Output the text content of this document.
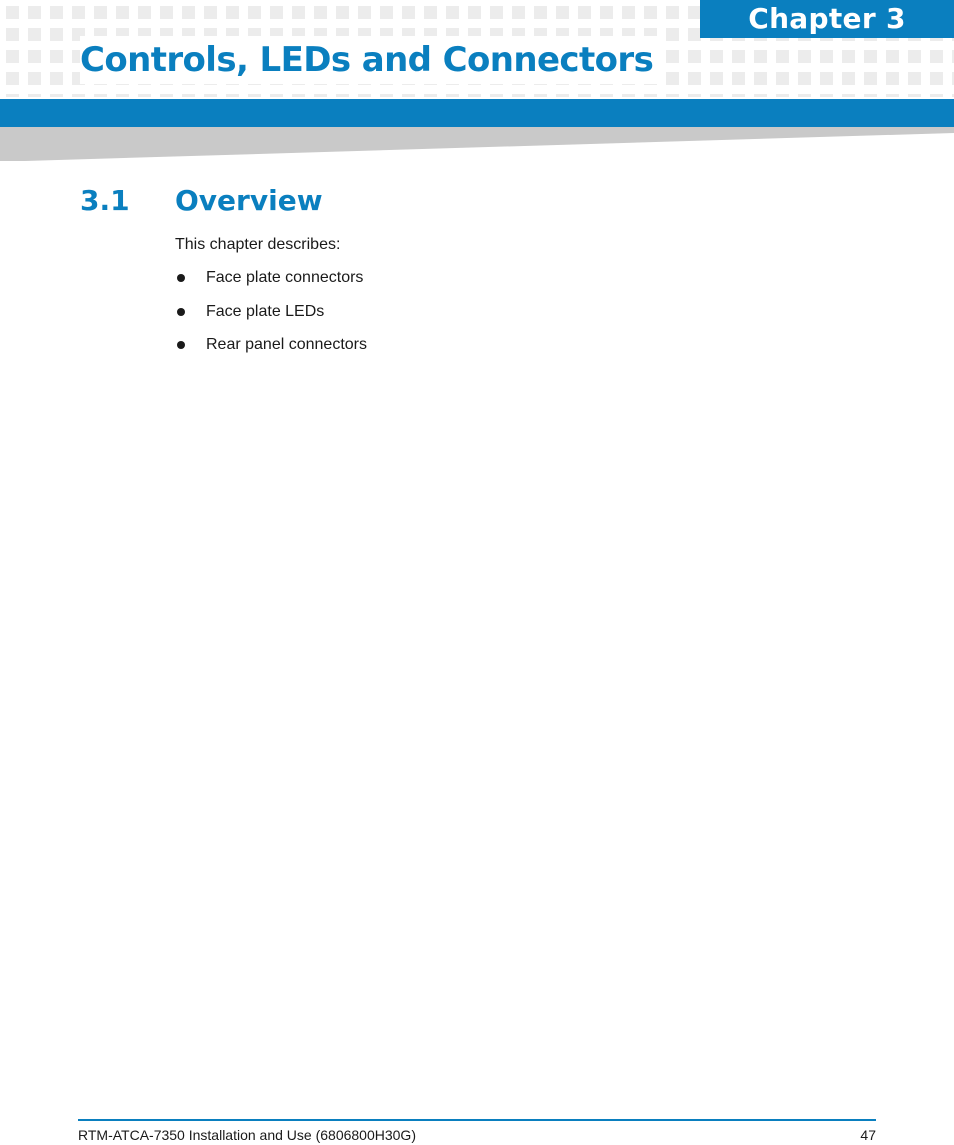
Chapter 3
Controls, LEDs and Connectors
3.1 Overview

This chapter describes:

Face plate connectors
Face plate LEDs
Rear panel connectors
RTM-ATCA-7350 Installation and Use (6806800H30G)	47
